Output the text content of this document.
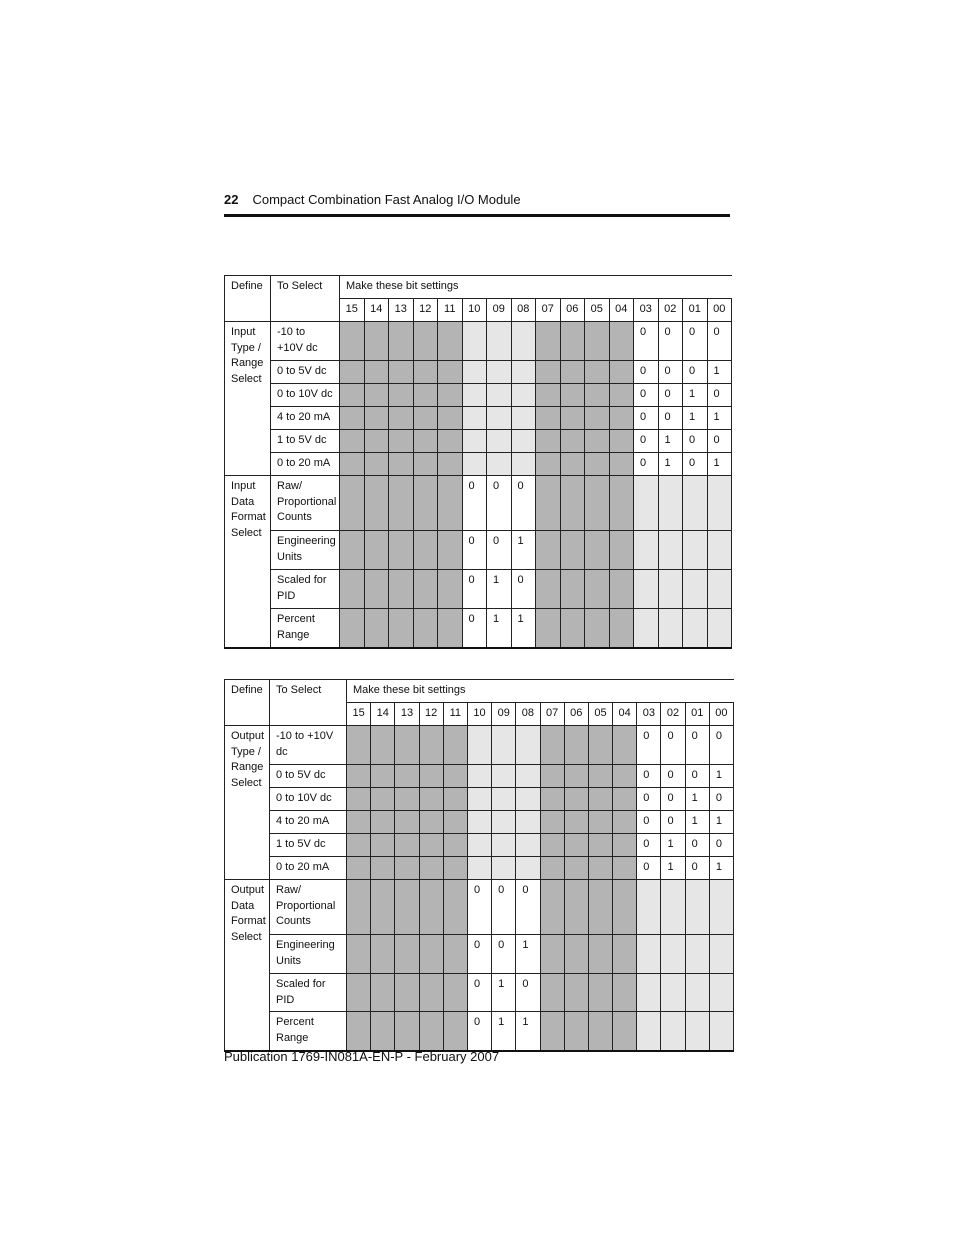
22 Compact Combination Fast Analog I/O Module
Define	To Select	Make these bit settings															
		15	14	13	12	11	10	09	08	07	06	05	04	03	02	01	00
Input Type / Range Select	-10 to +10V dc													0	0	0	0
	0 to 5V dc													0	0	0	1
	0 to 10V dc													0	0	1	0
	4 to 20 mA													0	0	1	1
	1 to 5V dc													0	1	0	0
	0 to 20 mA													0	1	0	1
Input Data Format Select	Raw/ Proportional Counts						0	0	0								
	Engineering Units						0	0	1								
	Scaled for PID						0	1	0								
	Percent Range						0	1	1								
Define	To Select	Make these bit settings															
		15	14	13	12	11	10	09	08	07	06	05	04	03	02	01	00
Output Type / Range Select	-10 to +10V dc													0	0	0	0
	0 to 5V dc													0	0	0	1
	0 to 10V dc													0	0	1	0
	4 to 20 mA													0	0	1	1
	1 to 5V dc													0	1	0	0
	0 to 20 mA													0	1	0	1
Output Data Format Select	Raw/ Proportional Counts						0	0	0								
	Engineering Units						0	0	1								
	Scaled for PID						0	1	0								
	Percent Range						0	1	1								
Publication 1769-IN081A-EN-P - February 2007
